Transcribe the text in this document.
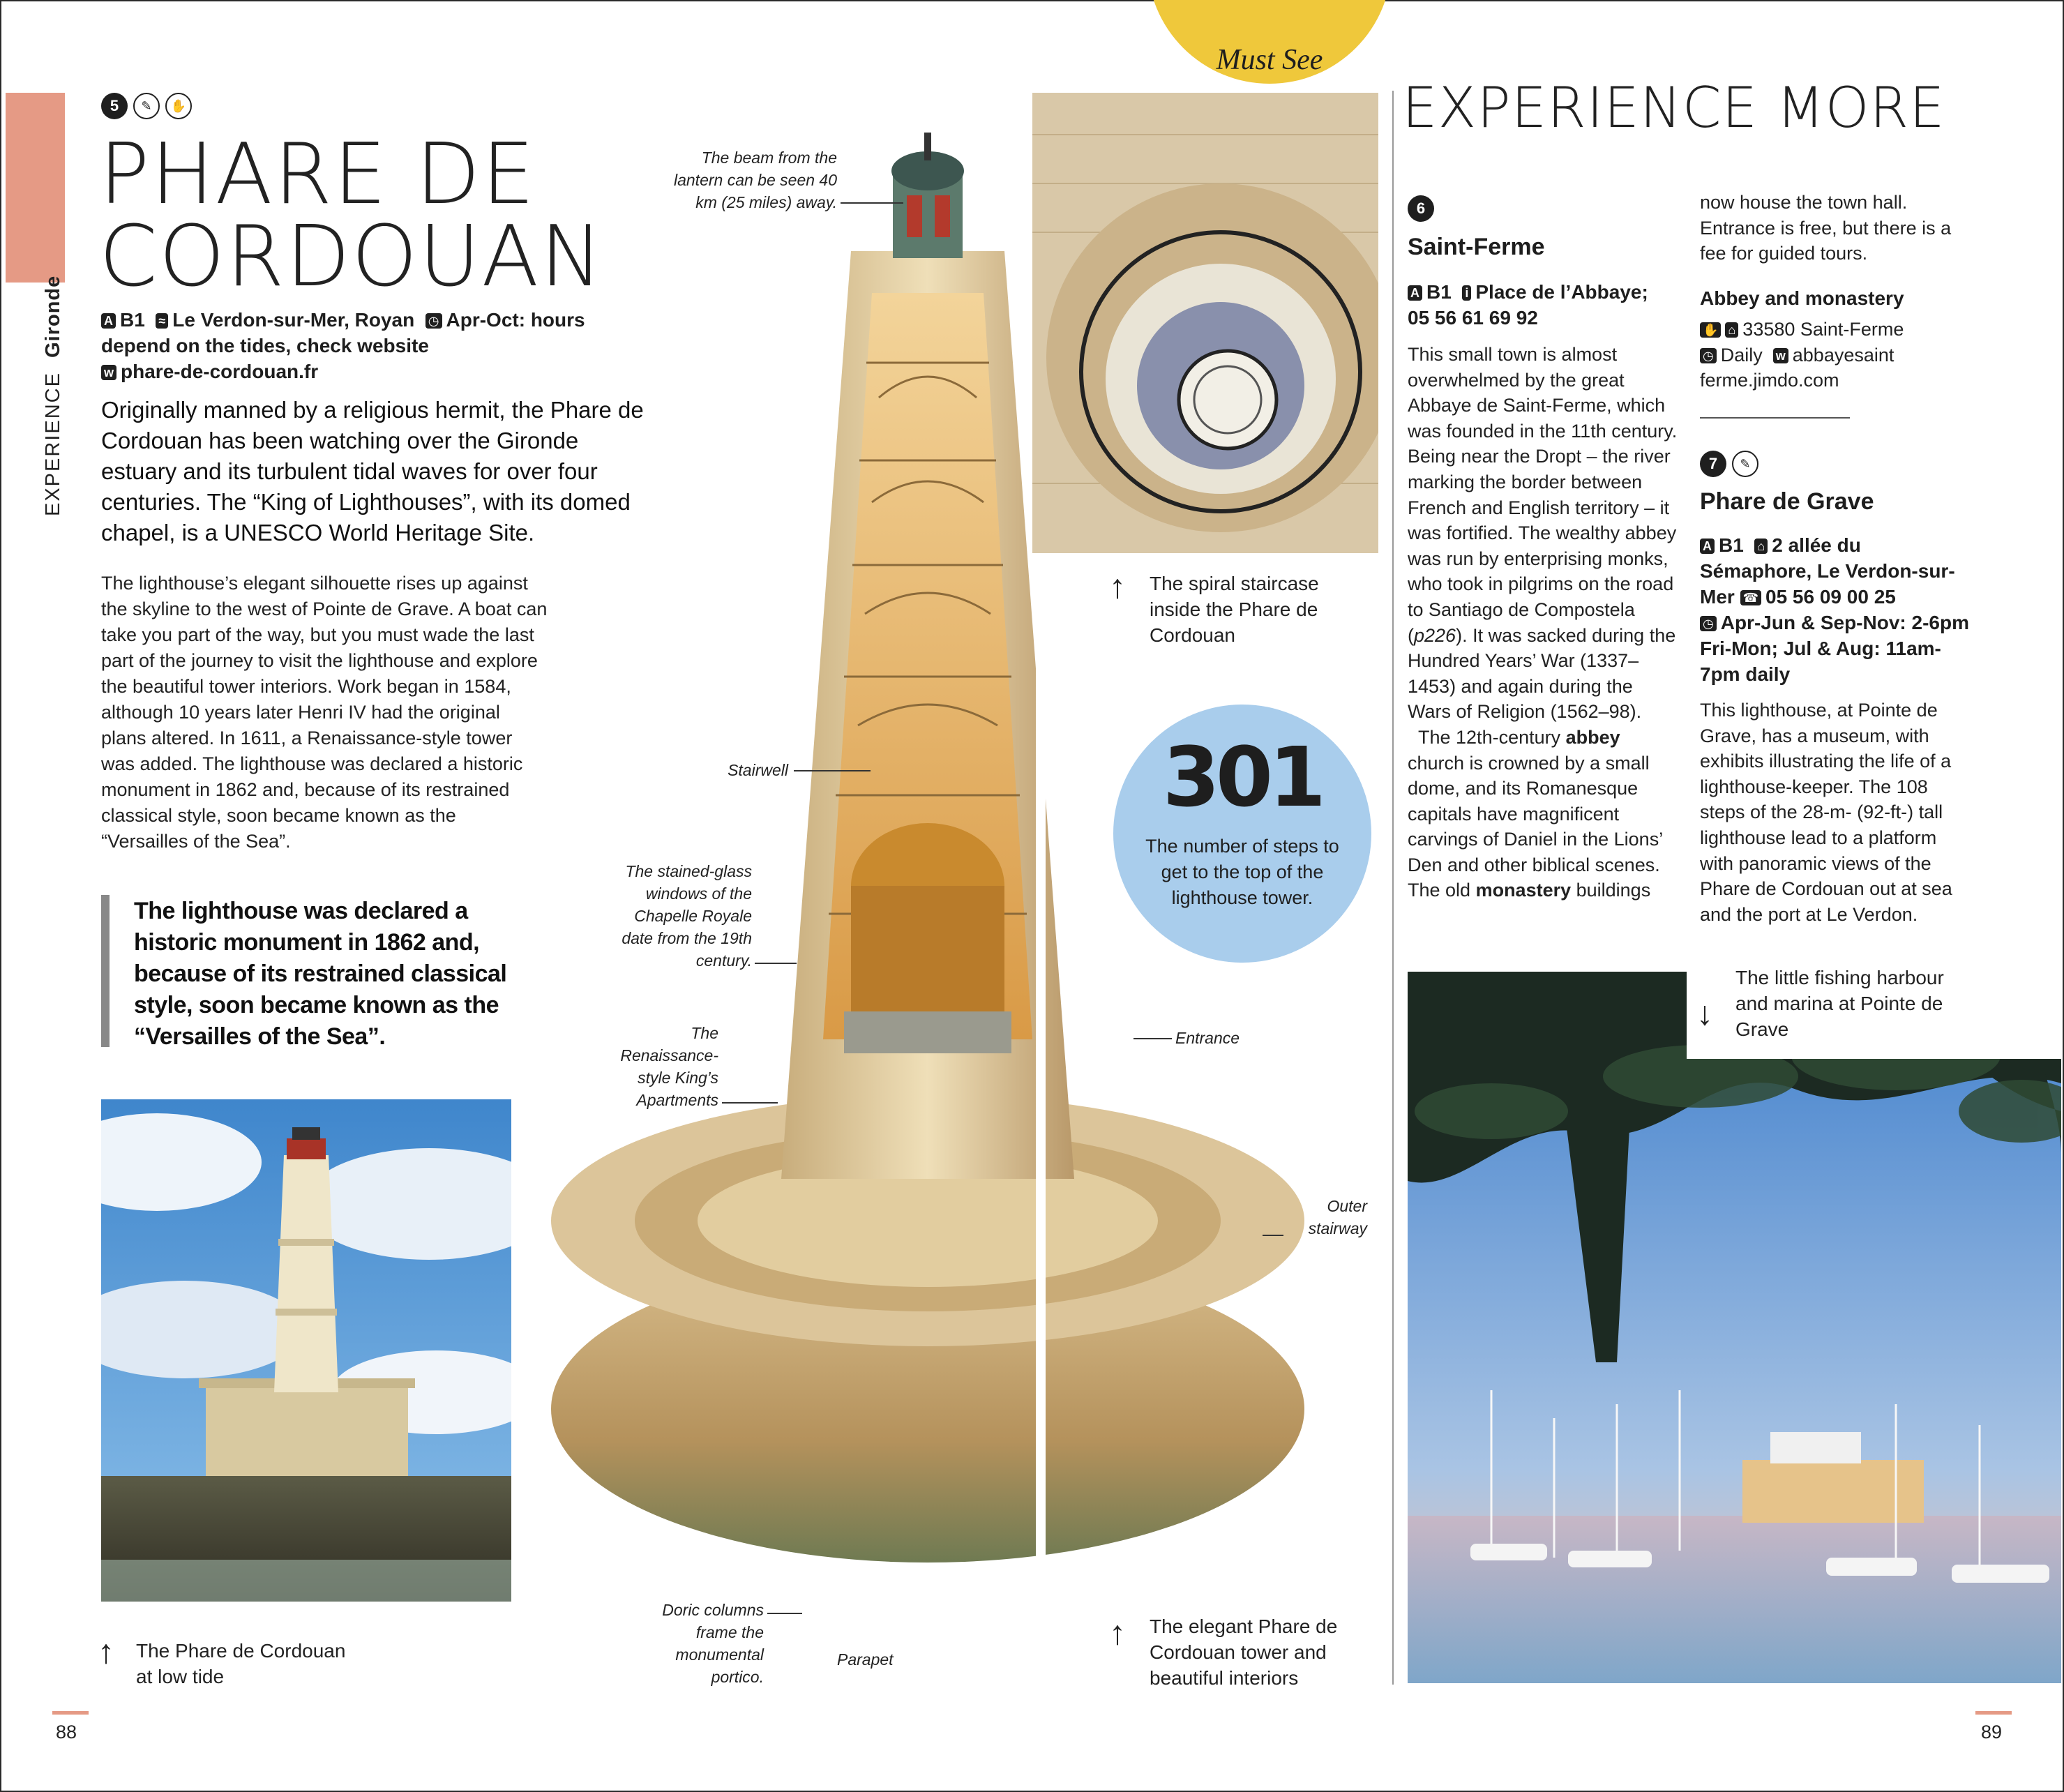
EXPERIENCE  Gironde
5	✎	✋
PHARE DE
CORDOUAN
A B1 ≈ Le Verdon-sur-Mer, Royan ◷ Apr-Oct: hours depend on the tides, check website
w phare-de-cordouan.fr
Originally manned by a religious hermit, the Phare de Cordouan has been watching over the Gironde estuary and its turbulent tidal waves for over four centuries. The “King of Lighthouses”, with its domed chapel, is a UNESCO World Heritage Site.
The lighthouse’s elegant silhouette rises up against the skyline to the west of Pointe de Grave. A boat can take you part of the way, but you must wade the last part of the journey to visit the lighthouse and explore the beautiful tower interiors. Work began in 1584, although 10 years later Henri IV had the original plans altered. In 1611, a Renaissance-style tower was added. The lighthouse was declared a historic monument in 1862 and, because of its restrained classical style, soon became known as the “Versailles of the Sea”.
The lighthouse was declared a historic monument in 1862 and, because of its restrained classical style, soon became known as the “Versailles of the Sea”.
↑ The Phare de Cordouan at low tide
88
The beam from the lantern can be seen 40 km (25 miles) away.
Stairwell
The stained-glass windows of the Chapelle Royale date from the 19th century.
The Renaissance-style King’s Apartments
Doric columns frame the monumental portico.
Parapet
Entrance
Outer stairway
Must See
↑ The spiral staircase inside the Phare de Cordouan
301
The number of steps to get to the top of the lighthouse tower.
↑ The elegant Phare de Cordouan tower and beautiful interiors
EXPERIENCE MORE
6
Saint-Ferme
A B1 i Place de l’Abbaye;
05 56 61 69 92
This small town is almost overwhelmed by the great Abbaye de Saint-Ferme, which was founded in the 11th century. Being near the Dropt – the river marking the border between French and English territory – it was fortified. The wealthy abbey was run by enterprising monks, who took in pilgrims on the road to Santiago de Compostela (p226). It was sacked during the Hundred Years’ War (1337–1453) and again during the Wars of Religion (1562–98).
The 12th-century abbey church is crowned by a small dome, and its Romanesque capitals have magnificent carvings of Daniel in the Lions’ Den and other biblical scenes. The old monastery buildings
now house the town hall. Entrance is free, but there is a fee for guided tours.
Abbey and monastery
✋ ⌂ 33580 Saint-Ferme
◷ Daily w abbayesaint ferme.jimdo.com
7	✎
Phare de Grave
A B1 ⌂ 2 allée du Sémaphore, Le Verdon-sur-Mer ☎ 05 56 09 00 25
◷ Apr-Jun & Sep-Nov: 2-6pm Fri-Mon; Jul & Aug: 11am-7pm daily
This lighthouse, at Pointe de Grave, has a museum, with exhibits illustrating the life of a lighthouse-keeper. The 108 steps of the 28-m- (92-ft-) tall lighthouse lead to a platform with panoramic views of the Phare de Cordouan out at sea and the port at Le Verdon.
↓
The little fishing harbour and marina at Pointe de Grave
89
